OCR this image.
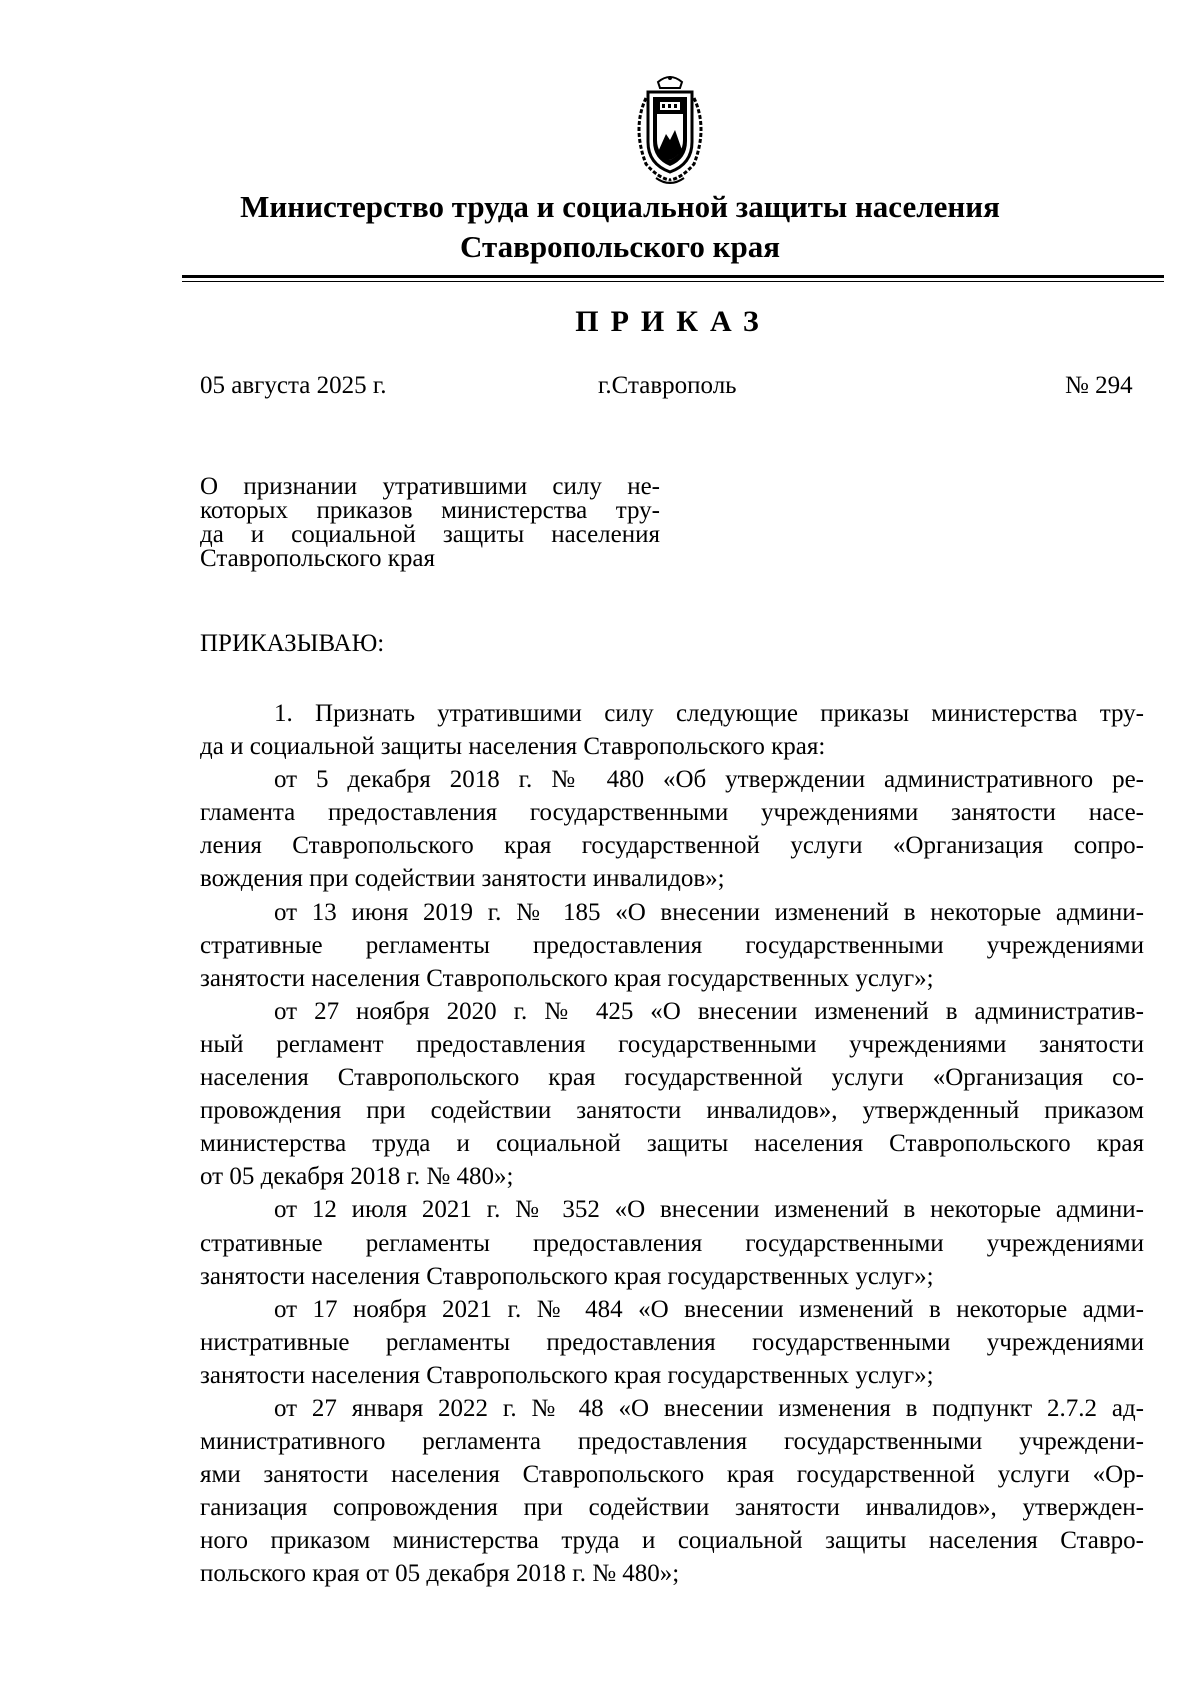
Министерство труда и социальной защиты населения
Ставропольского края
ПРИКАЗ
05 августа 2025 г.	г.Ставрополь	№ 294
О признании утратившими силу не-
которых приказов министерства тру-
да и социальной защиты населения
Ставропольского края
ПРИКАЗЫВАЮ:
1. Признать утратившими силу следующие приказы министерства тру-
да и социальной защиты населения Ставропольского края:
от 5 декабря 2018 г. № 480 «Об утверждении административного ре-
гламента предоставления государственными учреждениями занятости насе-
ления Ставропольского края государственной услуги «Организация сопро-
вождения при содействии занятости инвалидов»;
от 13 июня 2019 г. № 185 «О внесении изменений в некоторые админи-
стративные регламенты предоставления государственными учреждениями
занятости населения Ставропольского края государственных услуг»;
от 27 ноября 2020 г. № 425 «О внесении изменений в административ-
ный регламент предоставления государственными учреждениями занятости
населения Ставропольского края государственной услуги «Организация со-
провождения при содействии занятости инвалидов», утвержденный приказом
министерства труда и социальной защиты населения Ставропольского края
от 05 декабря 2018 г. № 480»;
от 12 июля 2021 г. № 352 «О внесении изменений в некоторые админи-
стративные регламенты предоставления государственными учреждениями
занятости населения Ставропольского края государственных услуг»;
от 17 ноября 2021 г. № 484 «О внесении изменений в некоторые адми-
нистративные регламенты предоставления государственными учреждениями
занятости населения Ставропольского края государственных услуг»;
от 27 января 2022 г. № 48 «О внесении изменения в подпункт 2.7.2 ад-
министративного регламента предоставления государственными учреждени-
ями занятости населения Ставропольского края государственной услуги «Ор-
ганизация сопровождения при содействии занятости инвалидов», утвержден-
ного приказом министерства труда и социальной защиты населения Ставро-
польского края от 05 декабря 2018 г. № 480»;
